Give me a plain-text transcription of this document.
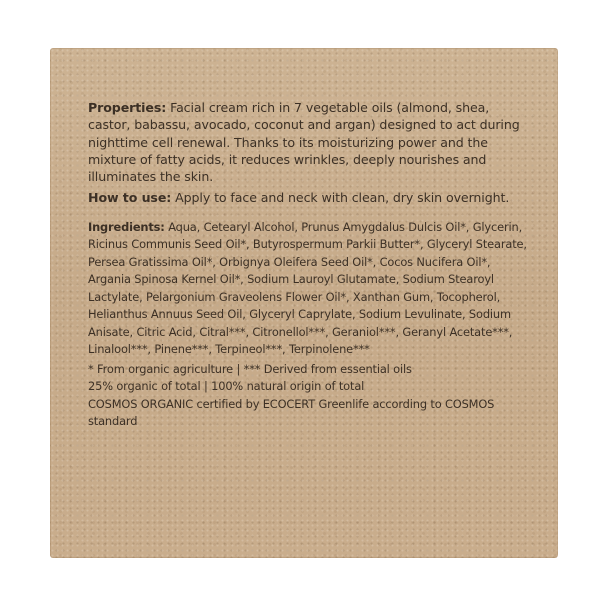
Properties: Facial cream rich in 7 vegetable oils (almond, shea, castor, babassu, avocado, coconut and argan) designed to act during nighttime cell renewal. Thanks to its moisturizing power and the mixture of fatty acids, it reduces wrinkles, deeply nourishes and illuminates the skin.

How to use: Apply to face and neck with clean, dry skin overnight.

Ingredients: Aqua, Cetearyl Alcohol, Prunus Amygdalus Dulcis Oil*, Glycerin, Ricinus Communis Seed Oil*, Butyrospermum Parkii Butter*, Glyceryl Stearate, Persea Gratissima Oil*, Orbignya Oleifera Seed Oil*, Cocos Nucifera Oil*, Argania Spinosa Kernel Oil*, Sodium Lauroyl Glutamate, Sodium Stearoyl Lactylate, Pelargonium Graveolens Flower Oil*, Xanthan Gum, Tocopherol, Helianthus Annuus Seed Oil, Glyceryl Caprylate, Sodium Levulinate, Sodium Anisate, Citric Acid, Citral***, Citronellol***, Geraniol***, Geranyl Acetate***, Linalool***, Pinene***, Terpineol***, Terpinolene***

* From organic agriculture | *** Derived from essential oils

25% organic of total | 100% natural origin of total

COSMOS ORGANIC certified by ECOCERT Greenlife according to COSMOS standard
